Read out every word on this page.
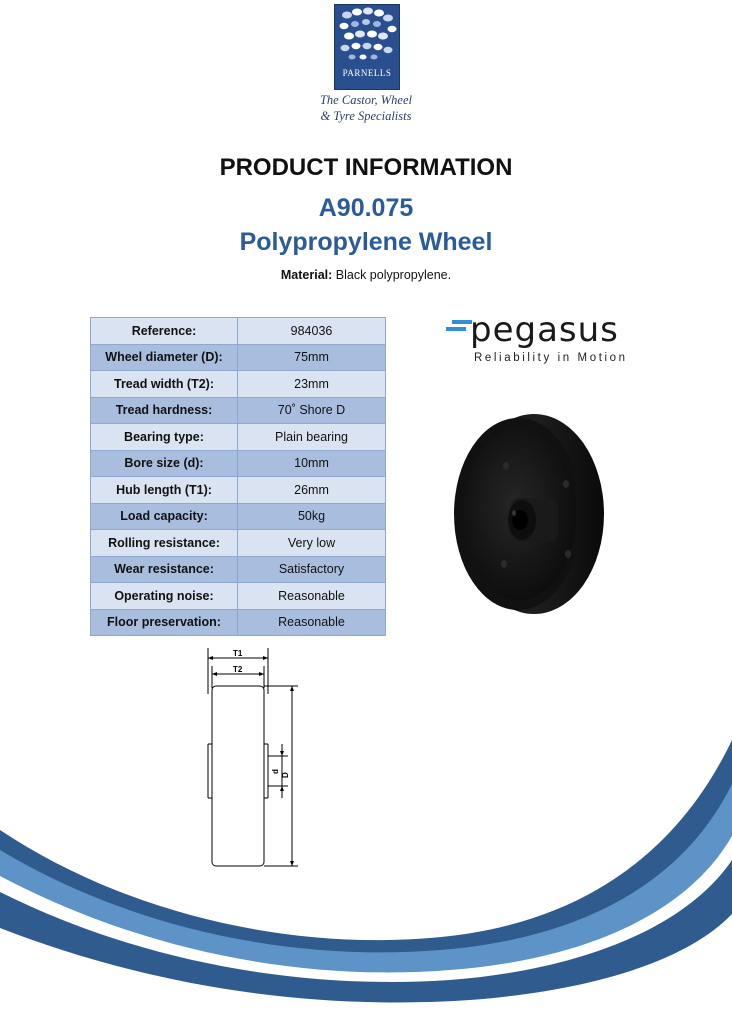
PARNELLS
The Castor, Wheel
& Tyre Specialists
PRODUCT INFORMATION
A90.075
Polypropylene Wheel
Material: Black polypropylene.
Reference:	984036
Wheel diameter (D):	75mm
Tread width (T2):	23mm
Tread hardness:	70˚ Shore D
Bearing type:	Plain bearing
Bore size (d):	10mm
Hub length (T1):	26mm
Load capacity:	50kg
Rolling resistance:	Very low
Wear resistance:	Satisfactory
Operating noise:	Reasonable
Floor preservation:	Reasonable
pegasus
Reliability in Motion
T1
T2
d
D
